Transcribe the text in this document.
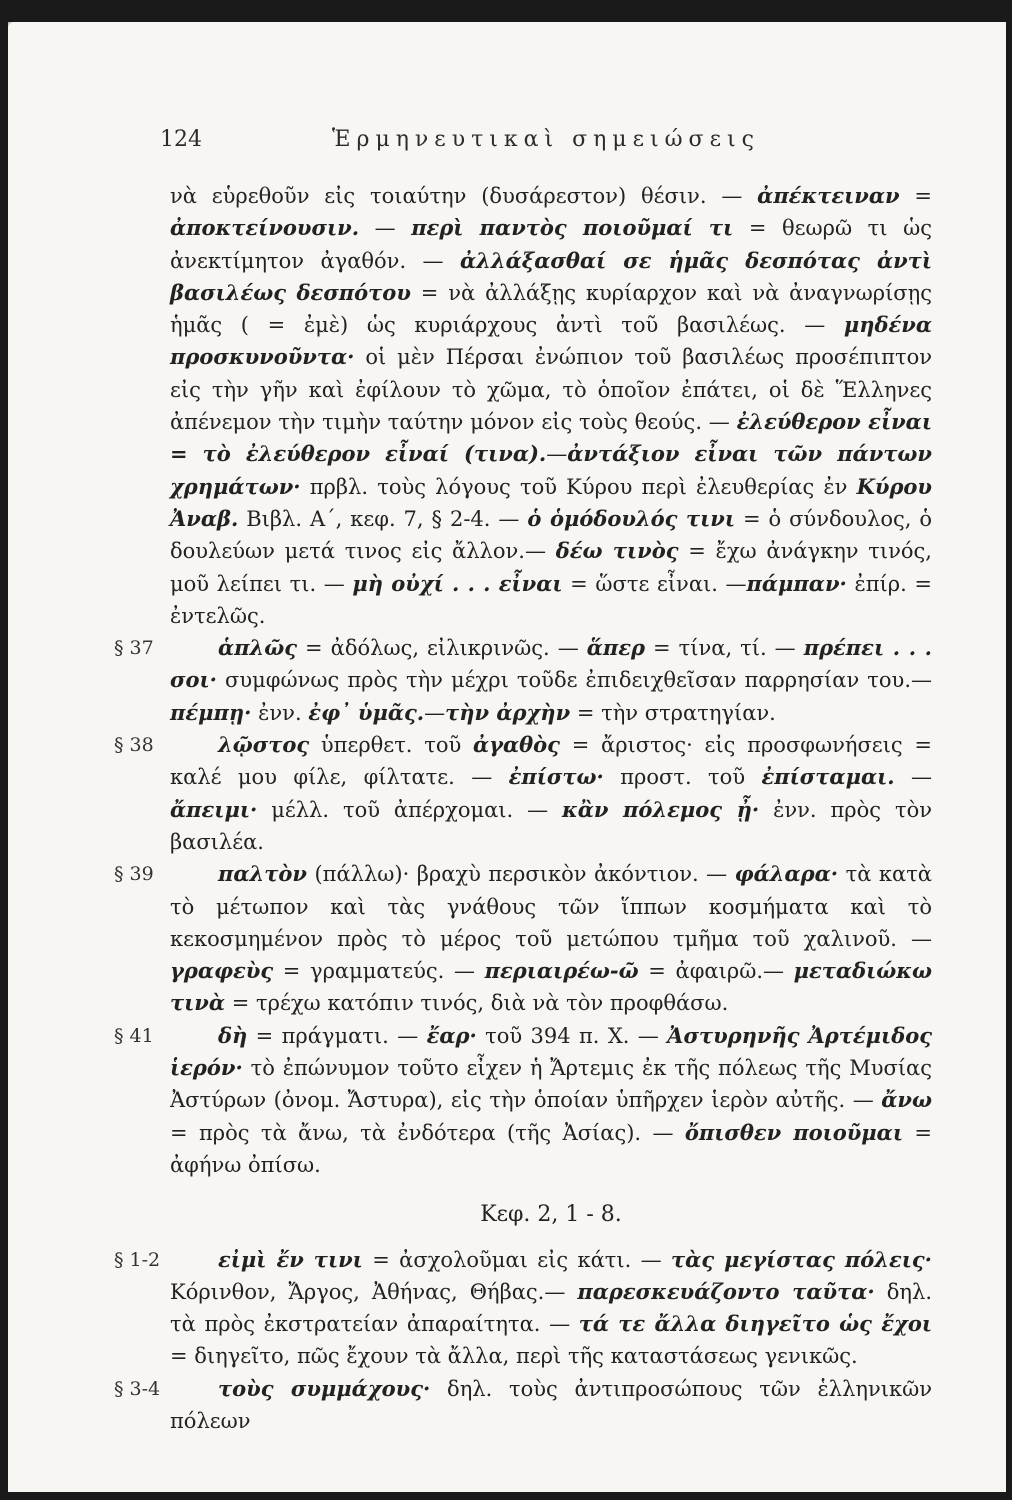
124	Ἑρμηνευτικαὶ σημειώσεις

νὰ εὑρεθοῦν εἰς τοιαύτην (δυσάρεστον) θέσιν. — ἀπέκτειναν = ἀποκτείνουσιν. — περὶ παντὸς ποιοῦμαί τι = θεωρῶ τι ὡς ἀνεκτίμητον ἀγαθόν. — ἀλλάξασθαί σε ἡμᾶς δεσπότας ἀντὶ βασιλέως δεσπότου = νὰ ἀλλάξῃς κυρίαρχον καὶ νὰ ἀναγνωρίσῃς ἡμᾶς ( = ἐμὲ) ὡς κυριάρχους ἀντὶ τοῦ βασιλέως. — μηδένα προσκυνοῦντα· οἱ μὲν Πέρσαι ἐνώπιον τοῦ βασιλέως προσέπιπτον εἰς τὴν γῆν καὶ ἐφίλουν τὸ χῶμα, τὸ ὁποῖον ἐπάτει, οἱ δὲ Ἕλληνες ἀπένεμον τὴν τιμὴν ταύτην μόνον εἰς τοὺς θεούς. — ἐλεύθερον εἶναι = τὸ ἐλεύθερον εἶναί (τινα).—ἀντάξιον εἶναι τῶν πάντων χρημάτων· πρβλ. τοὺς λόγους τοῦ Κύρου περὶ ἐλευθερίας ἐν Κύρου Ἀναβ. Βιβλ. Α΄, κεφ. 7, § 2-4. — ὁ ὁμόδουλός τινι = ὁ σύνδουλος, ὁ δουλεύων μετά τινος εἰς ἄλλον.— δέω τινὸς = ἔχω ἀνάγκην τινός, μοῦ λείπει τι. — μὴ οὐχί . . . εἶναι = ὥστε εἶναι. —πάμπαν· ἐπίρ. = ἐντελῶς.

§ 37	ἁπλῶς = ἀδόλως, εἰλικρινῶς. — ἅπερ = τίνα, τί. — πρέπει . . . σοι· συμφώνως πρὸς τὴν μέχρι τοῦδε ἐπιδειχθεῖσαν παρρησίαν του.— πέμπῃ· ἐνν. ἐφ᾽ ὑμᾶς.—τὴν ἀρχὴν = τὴν στρατηγίαν.

§ 38	λῷστος ὑπερθετ. τοῦ ἀγαθὸς = ἄριστος· εἰς προσφωνήσεις = καλέ μου φίλε, φίλτατε. — ἐπίστω· προστ. τοῦ ἐπίσταμαι. — ἄπειμι· μέλλ. τοῦ ἀπέρχομαι. — κἂν πόλεμος ᾖ· ἐνν. πρὸς τὸν βασιλέα.

§ 39	παλτὸν (πάλλω)· βραχὺ περσικὸν ἀκόντιον. — φάλαρα· τὰ κατὰ τὸ μέτωπον καὶ τὰς γνάθους τῶν ἵππων κοσμήματα καὶ τὸ κεκοσμημένον πρὸς τὸ μέρος τοῦ μετώπου τμῆμα τοῦ χαλινοῦ. — γραφεὺς = γραμματεύς. — περιαιρέω-ῶ = ἀφαιρῶ.— μεταδιώκω τινὰ = τρέχω κατόπιν τινός, διὰ νὰ τὸν προφθάσω.

§ 41	δὴ = πράγματι. — ἔαρ· τοῦ 394 π. Χ. — Ἀστυρηνῆς Ἀρτέμιδος ἱερόν· τὸ ἐπώνυμον τοῦτο εἶχεν ἡ Ἄρτεμις ἐκ τῆς πόλεως τῆς Μυσίας Ἀστύρων (ὀνομ. Ἄστυρα), εἰς τὴν ὁποίαν ὑπῆρχεν ἱερὸν αὐτῆς. — ἄνω = πρὸς τὰ ἄνω, τὰ ἐνδότερα (τῆς Ἀσίας). — ὄπισθεν ποιοῦμαι = ἀφήνω ὀπίσω.

Κεφ. 2, 1 - 8.

§ 1-2	εἰμὶ ἔν τινι = ἀσχολοῦμαι εἰς κάτι. — τὰς μεγίστας πόλεις· Κόρινθον, Ἄργος, Ἀθήνας, Θήβας.— παρεσκευάζοντο ταῦτα· δηλ. τὰ πρὸς ἐκστρατείαν ἀπαραίτητα. — τά τε ἄλλα διηγεῖτο ὡς ἔχοι = διηγεῖτο, πῶς ἔχουν τὰ ἄλλα, περὶ τῆς καταστάσεως γενικῶς.

§ 3-4	τοὺς συμμάχους· δηλ. τοὺς ἀντιπροσώπους τῶν ἑλληνικῶν πόλεων
